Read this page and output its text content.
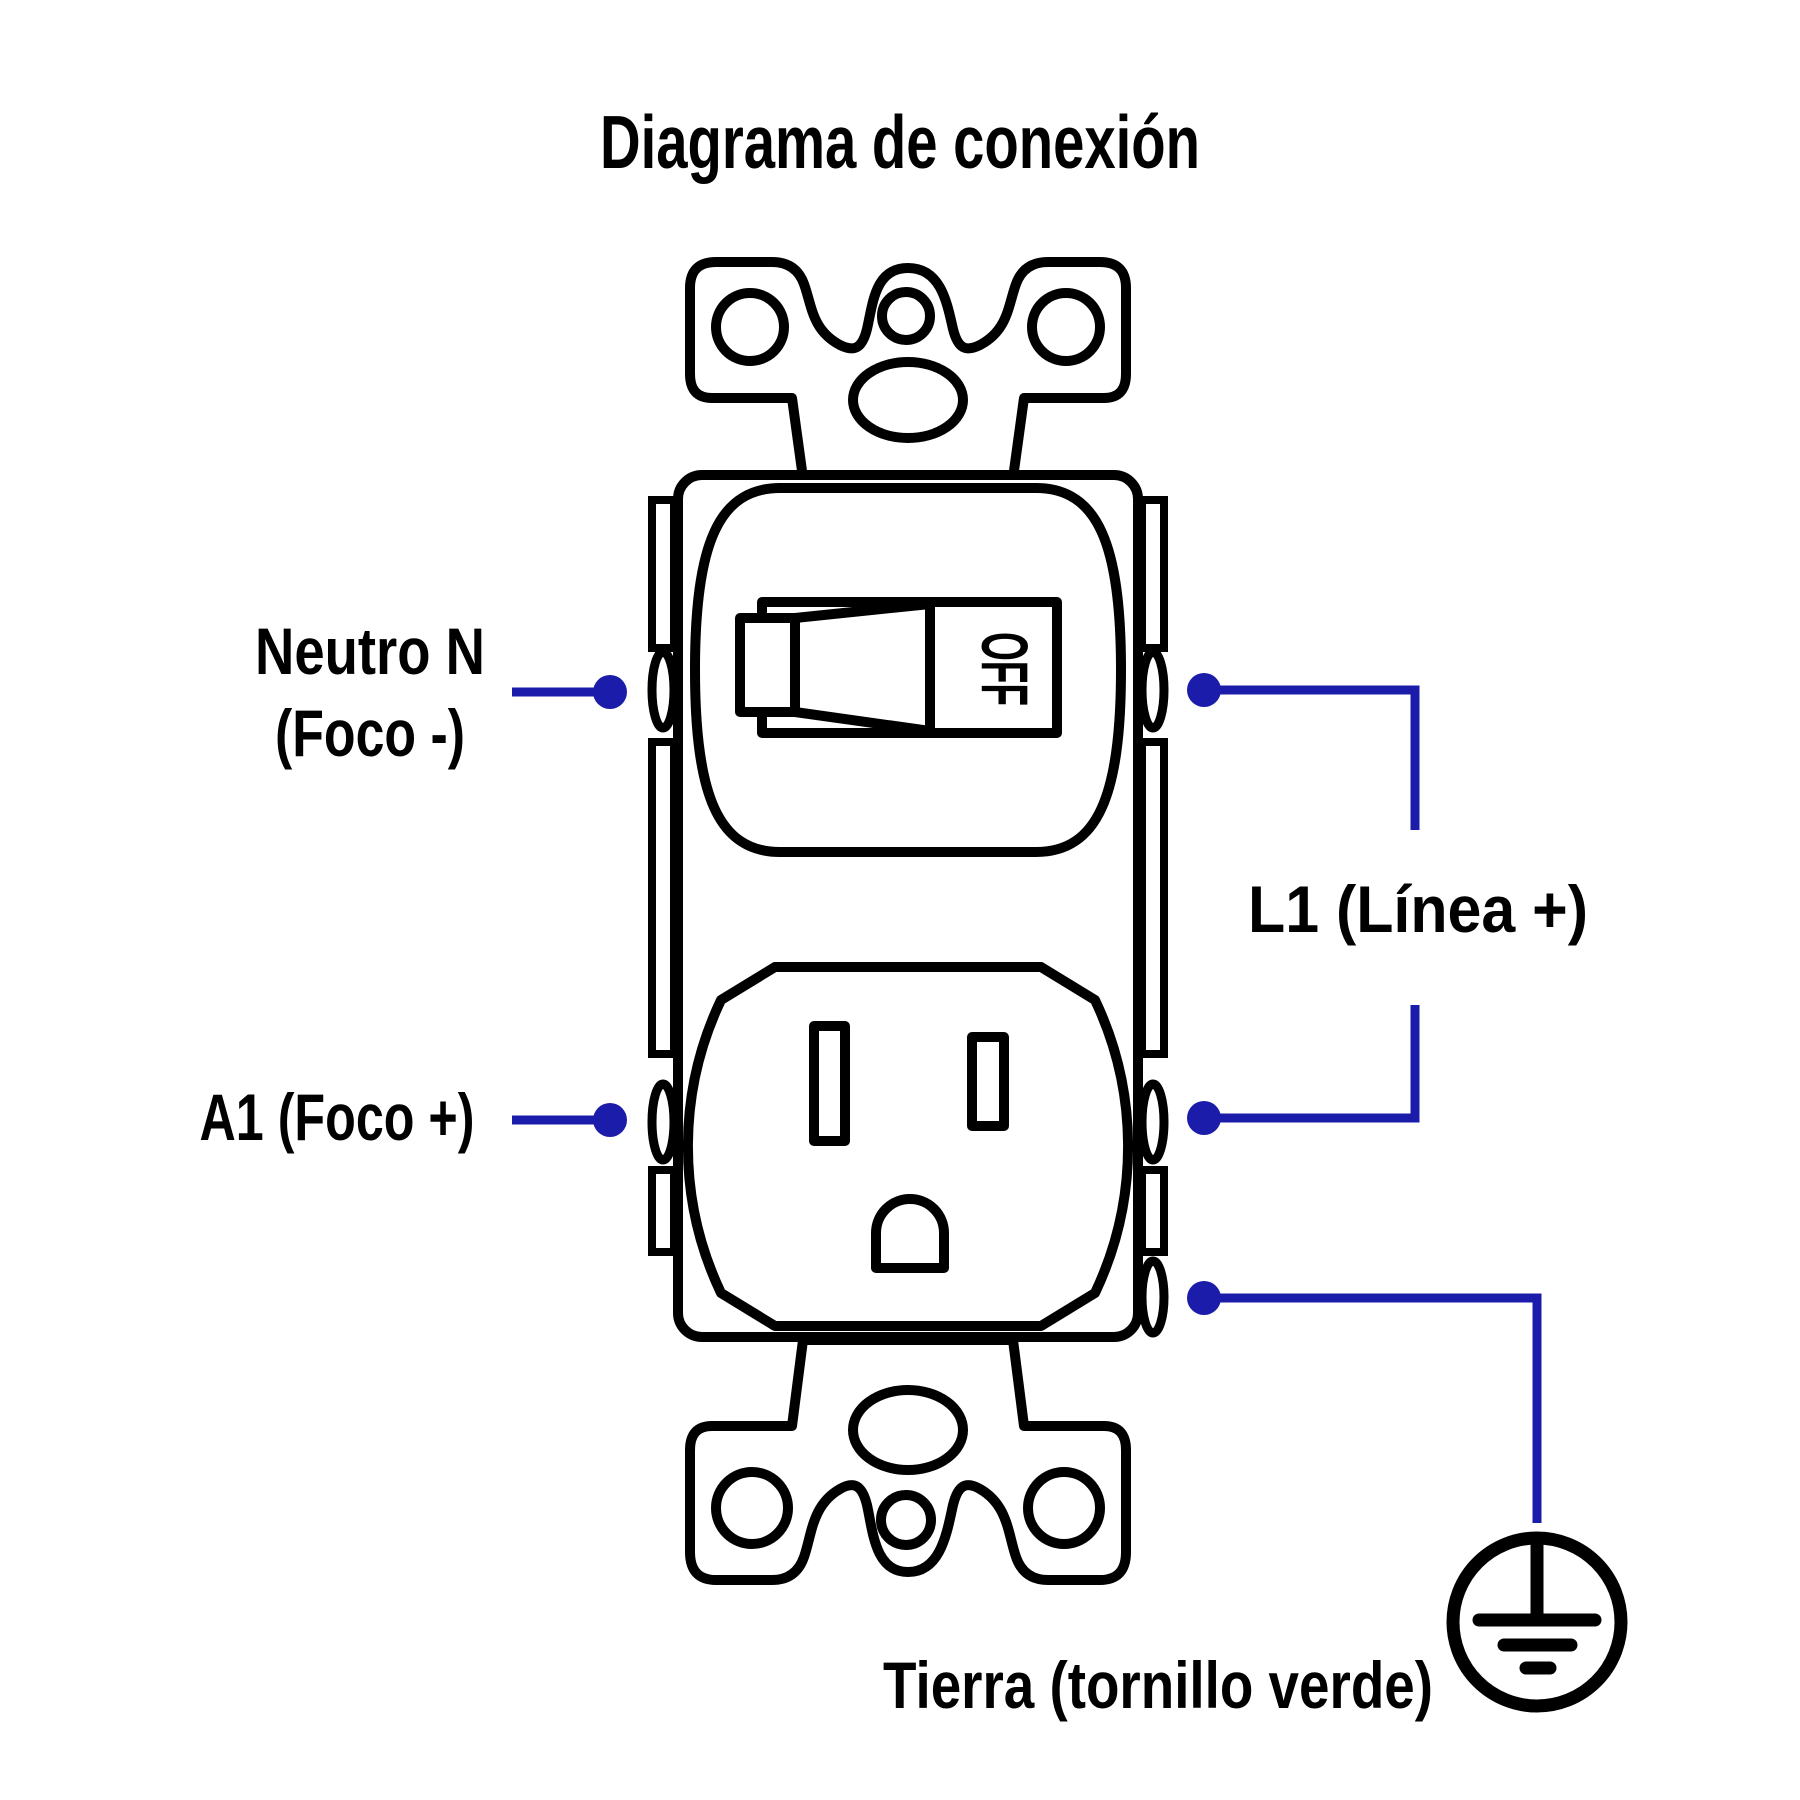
Diagrama de conexión
OFF
Neutro N
(Foco -)
A1 (Foco +)
L1 (Línea +)
Tierra (tornillo verde)
